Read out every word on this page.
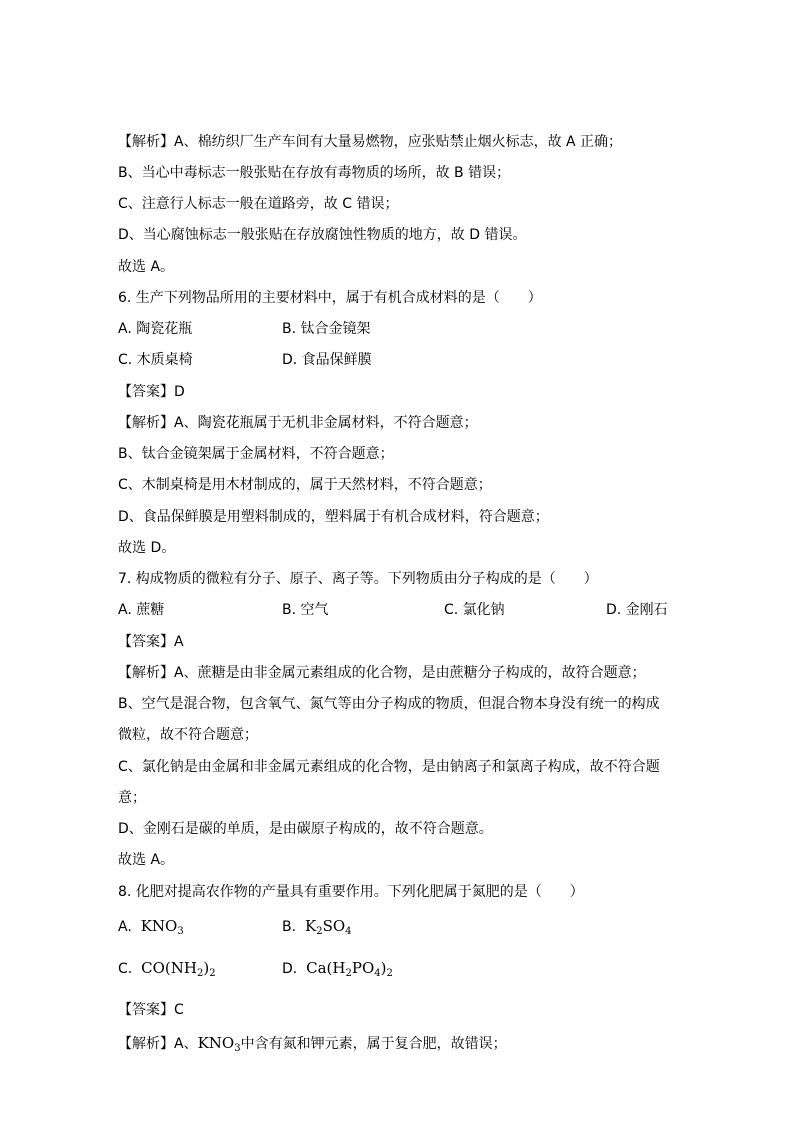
【解析】A、棉纺织厂生产车间有大量易燃物，应张贴禁止烟火标志，故 A 正确；
B、当心中毒标志一般张贴在存放有毒物质的场所，故 B 错误；
C、注意行人标志一般在道路旁，故 C 错误；
D、当心腐蚀标志一般张贴在存放腐蚀性物质的地方，故 D 错误。
故选 A。
6. 生产下列物品所用的主要材料中，属于有机合成材料的是（　　）
A. 陶瓷花瓶	B. 钛合金镜架
C. 木质桌椅	D. 食品保鲜膜
【答案】D
【解析】A、陶瓷花瓶属于无机非金属材料，不符合题意；
B、钛合金镜架属于金属材料，不符合题意；
C、木制桌椅是用木材制成的，属于天然材料，不符合题意；
D、食品保鲜膜是用塑料制成的，塑料属于有机合成材料，符合题意；
故选 D。
7. 构成物质的微粒有分子、原子、离子等。下列物质由分子构成的是（　　）
A. 蔗糖	B. 空气	C. 氯化钠	D. 金刚石
【答案】A
【解析】A、蔗糖是由非金属元素组成的化合物，是由蔗糖分子构成的，故符合题意；
B、空气是混合物，包含氧气、氮气等由分子构成的物质，但混合物本身没有统一的构成
微粒，故不符合题意；
C、氯化钠是由金属和非金属元素组成的化合物，是由钠离子和氯离子构成，故不符合题
意；
D、金刚石是碳的单质，是由碳原子构成的，故不符合题意。
故选 A。
8. 化肥对提高农作物的产量具有重要作用。下列化肥属于氮肥的是（　　）
A. $KNO_3$	B. $K_2SO_4$
C. $CO(NH_2)_2$	D. $Ca(H_2PO_4)_2$
【答案】C
【解析】A、$KNO_3$中含有氮和钾元素，属于复合肥，故错误；
